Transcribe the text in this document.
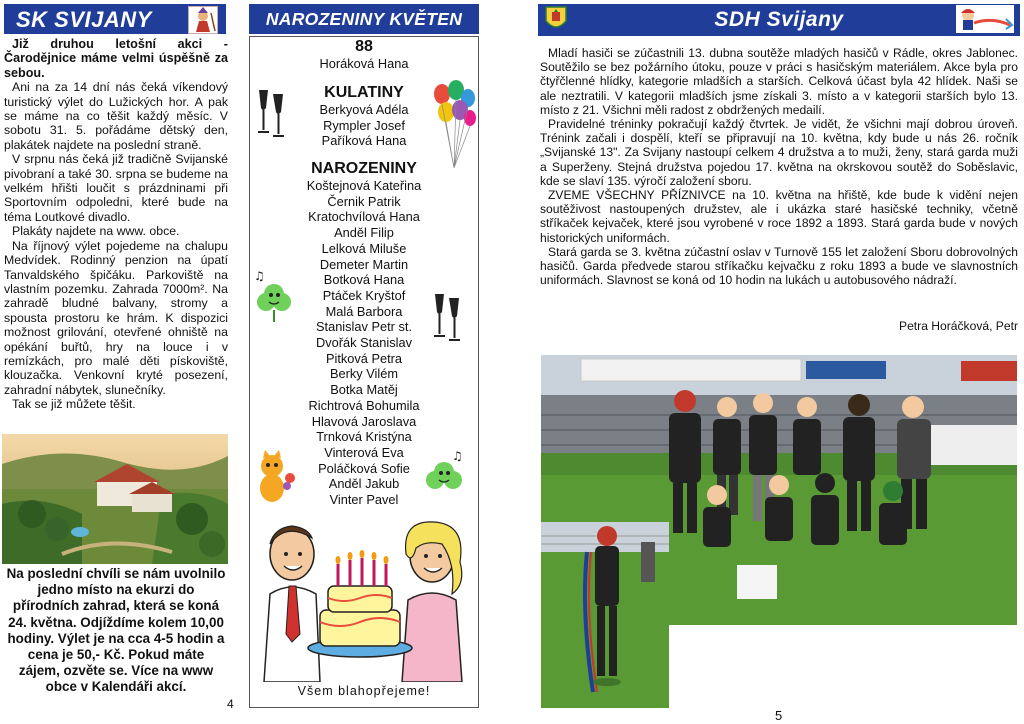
SK SVIJANY

Již druhou letošní akci - Čarodějnice máme velmi úspěšně za sebou.

Ani na za 14 dní nás čeká víkendový turistický výlet do Lužických hor. A pak se máme na co těšit každý měsíc. V sobotu 31. 5. pořádáme dětský den, plakátek najdete na poslední straně.

V srpnu nás čeká již tradičně Svijanské pivobraní a také 30. srpna se budeme na velkém hřišti loučit s prázdninami při Sportovním odpoledni, které bude na téma Loutkové divadlo.

Plakáty najdete na www. obce.

Na říjnový výlet pojedeme na chalupu Medvídek. Rodinný penzion na úpatí Tanvaldského špičáku. Parkoviště na vlastním pozemku. Zahrada 7000m². Na zahradě bludné balvany, stromy a spousta prostoru ke hrám. K dispozici možnost grilování, otevřené ohniště na opékání buřtů, hry na louce i v remízkách, pro malé děti pískoviště, klouzačka. Venkovní kryté posezení, zahradní nábytek, slunečníky.

Tak se již můžete těšit.

Na poslední chvíli se nám uvolnilo jedno místo na ekurzi do přírodních zahrad, která se koná 24. května. Odjíždíme kolem 10,00 hodiny. Výlet je na cca 4-5 hodin a cena je 50,- Kč. Pokud máte zájem, ozvěte se. Více na www obce v Kalendáři akcí.
4
NAROZENINY KVĚTEN
88
Horáková Hana
KULATINY
Berkyová Adéla
Rympler Josef
Paříková Hana
NAROZENINY
Koštejnová Kateřina
Černik Patrik
Kratochvílová Hana
Anděl Filip
Lelková Miluše
Demeter Martin
Botková Hana
Ptáček Kryštof
Malá Barbora
Stanislav Petr st.
Dvořák Stanislav
Pitková Petra
Berky Vilém
Botka Matěj
Richtrová Bohumila
Hlavová Jaroslava
Trnková Kristýna
Vinterová Eva
Poláčková Sofie
Anděl Jakub
Vinter Pavel
♫
♫
Všem blahopřejeme!
SDH Svijany

Mladí hasiči se zúčastnili 13. dubna soutěže mladých hasičů v Rádle, okres Jablonec. Soutěžilo se bez požárního útoku, pouze v práci s hasičským materiálem. Akce byla pro čtyřčlenné hlídky, kategorie mladších a starších. Celková účast byla 42 hlídek. Naši se ale neztratili. V kategorii mladších jsme získali 3. místo a v kategorii starších bylo 13. místo z 21. Všichni měli radost z obdržených medailí.

Pravidelné tréninky pokračují každý čtvrtek. Je vidět, že všichni mají dobrou úroveň. Trénink začali i dospělí, kteří se připravují na 10. května, kdy bude u nás 26. ročník „Svijanské 13". Za Svijany nastoupí celkem 4 družstva a to muži, ženy, stará garda muži a Superženy. Stejná družstva pojedou 17. května na okrskovou soutěž do Soběslavic, kde se slaví 135. výročí založení sboru.

ZVEME VŠECHNY PŘÍZNIVCE na 10. května na hřiště, kde bude k vidění nejen soutěživost nastoupených družstev, ale i ukázka staré hasičské techniky, včetně stříkaček kejvaček, které jsou vyrobené v roce 1892 a 1893. Stará garda bude v nových historických uniformách.

Stará garda se 3. května zúčastní oslav v Turnově 155 let založení Sboru dobrovolných hasičů. Garda předvede starou stříkačku kejvačku z roku 1893 a bude ve slavnostních uniformách. Slavnost se koná od 10 hodin na lukách u autobusového nádraží.

Petra Horáčková, Petr
5
